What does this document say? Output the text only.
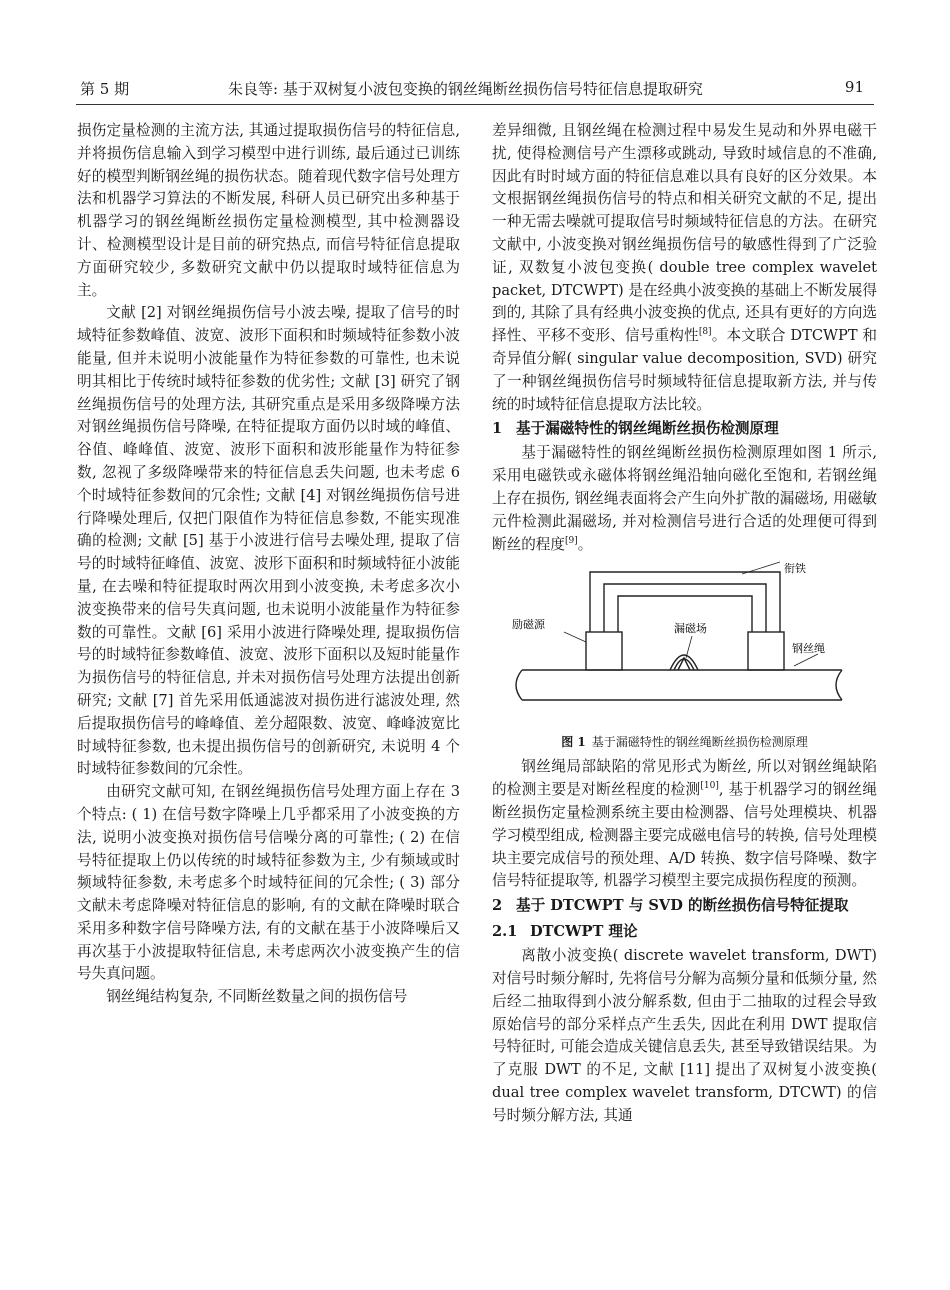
第 5 期	朱良等: 基于双树复小波包变换的钢丝绳断丝损伤信号特征信息提取研究	91

损伤定量检测的主流方法, 其通过提取损伤信号的特征信息, 并将损伤信息输入到学习模型中进行训练, 最后通过已训练好的模型判断钢丝绳的损伤状态。随着现代数字信号处理方法和机器学习算法的不断发展, 科研人员已研究出多种基于机器学习的钢丝绳断丝损伤定量检测模型, 其中检测器设计、检测模型设计是目前的研究热点, 而信号特征信息提取方面研究较少, 多数研究文献中仍以提取时域特征信息为主。

文献 [2] 对钢丝绳损伤信号小波去噪, 提取了信号的时域特征参数峰值、波宽、波形下面积和时频域特征参数小波能量, 但并未说明小波能量作为特征参数的可靠性, 也未说明其相比于传统时域特征参数的优劣性; 文献 [3] 研究了钢丝绳损伤信号的处理方法, 其研究重点是采用多级降噪方法对钢丝绳损伤信号降噪, 在特征提取方面仍以时域的峰值、谷值、峰峰值、波宽、波形下面积和波形能量作为特征参数, 忽视了多级降噪带来的特征信息丢失问题, 也未考虑 6 个时域特征参数间的冗余性; 文献 [4] 对钢丝绳损伤信号进行降噪处理后, 仅把门限值作为特征信息参数, 不能实现准确的检测; 文献 [5] 基于小波进行信号去噪处理, 提取了信号的时域特征峰值、波宽、波形下面积和时频域特征小波能量, 在去噪和特征提取时两次用到小波变换, 未考虑多次小波变换带来的信号失真问题, 也未说明小波能量作为特征参数的可靠性。文献 [6] 采用小波进行降噪处理, 提取损伤信号的时域特征参数峰值、波宽、波形下面积以及短时能量作为损伤信号的特征信息, 并未对损伤信号处理方法提出创新研究; 文献 [7] 首先采用低通滤波对损伤进行滤波处理, 然后提取损伤信号的峰峰值、差分超限数、波宽、峰峰波宽比时域特征参数, 也未提出损伤信号的创新研究, 未说明 4 个时域特征参数间的冗余性。

由研究文献可知, 在钢丝绳损伤信号处理方面上存在 3 个特点: ( 1) 在信号数字降噪上几乎都采用了小波变换的方法, 说明小波变换对损伤信号信噪分离的可靠性; ( 2) 在信号特征提取上仍以传统的时域特征参数为主, 少有频域或时频域特征参数, 未考虑多个时域特征间的冗余性; ( 3) 部分文献未考虑降噪对特征信息的影响, 有的文献在降噪时联合采用多种数字信号降噪方法, 有的文献在基于小波降噪后又再次基于小波提取特征信息, 未考虑两次小波变换产生的信号失真问题。

钢丝绳结构复杂, 不同断丝数量之间的损伤信号

差异细微, 且钢丝绳在检测过程中易发生晃动和外界电磁干扰, 使得检测信号产生漂移或跳动, 导致时域信息的不准确, 因此有时时域方面的特征信息难以具有良好的区分效果。本文根据钢丝绳损伤信号的特点和相关研究文献的不足, 提出一种无需去噪就可提取信号时频域特征信息的方法。在研究文献中, 小波变换对钢丝绳损伤信号的敏感性得到了广泛验证, 双数复小波包变换( double tree complex wavelet packet, DTCWPT) 是在经典小波变换的基础上不断发展得到的, 其除了具有经典小波变换的优点, 还具有更好的方向选择性、平移不变形、信号重构性[8]。本文联合 DTCWPT 和奇异值分解( singular value decomposition, SVD) 研究了一种钢丝绳损伤信号时频域特征信息提取新方法, 并与传统的时域特征信息提取方法比较。

1 基于漏磁特性的钢丝绳断丝损伤检测原理

基于漏磁特性的钢丝绳断丝损伤检测原理如图 1 所示, 采用电磁铁或永磁体将钢丝绳沿轴向磁化至饱和, 若钢丝绳上存在损伤, 钢丝绳表面将会产生向外扩散的漏磁场, 用磁敏元件检测此漏磁场, 并对检测信号进行合适的处理便可得到断丝的程度[9]。

衔铁
励磁源	漏磁场
钢丝绳
图 1 基于漏磁特性的钢丝绳断丝损伤检测原理

钢丝绳局部缺陷的常见形式为断丝, 所以对钢丝绳缺陷的检测主要是对断丝程度的检测[10], 基于机器学习的钢丝绳断丝损伤定量检测系统主要由检测器、信号处理模块、机器学习模型组成, 检测器主要完成磁电信号的转换, 信号处理模块主要完成信号的预处理、A/D 转换、数字信号降噪、数字信号特征提取等, 机器学习模型主要完成损伤程度的预测。

2 基于 DTCWPT 与 SVD 的断丝损伤信号特征提取
2.1 DTCWPT 理论

离散小波变换( discrete wavelet transform, DWT) 对信号时频分解时, 先将信号分解为高频分量和低频分量, 然后经二抽取得到小波分解系数, 但由于二抽取的过程会导致原始信号的部分采样点产生丢失, 因此在利用 DWT 提取信号特征时, 可能会造成关键信息丢失, 甚至导致错误结果。为了克服 DWT 的不足, 文献 [11] 提出了双树复小波变换( dual tree complex wavelet transform, DTCWT) 的信号时频分解方法, 其通
